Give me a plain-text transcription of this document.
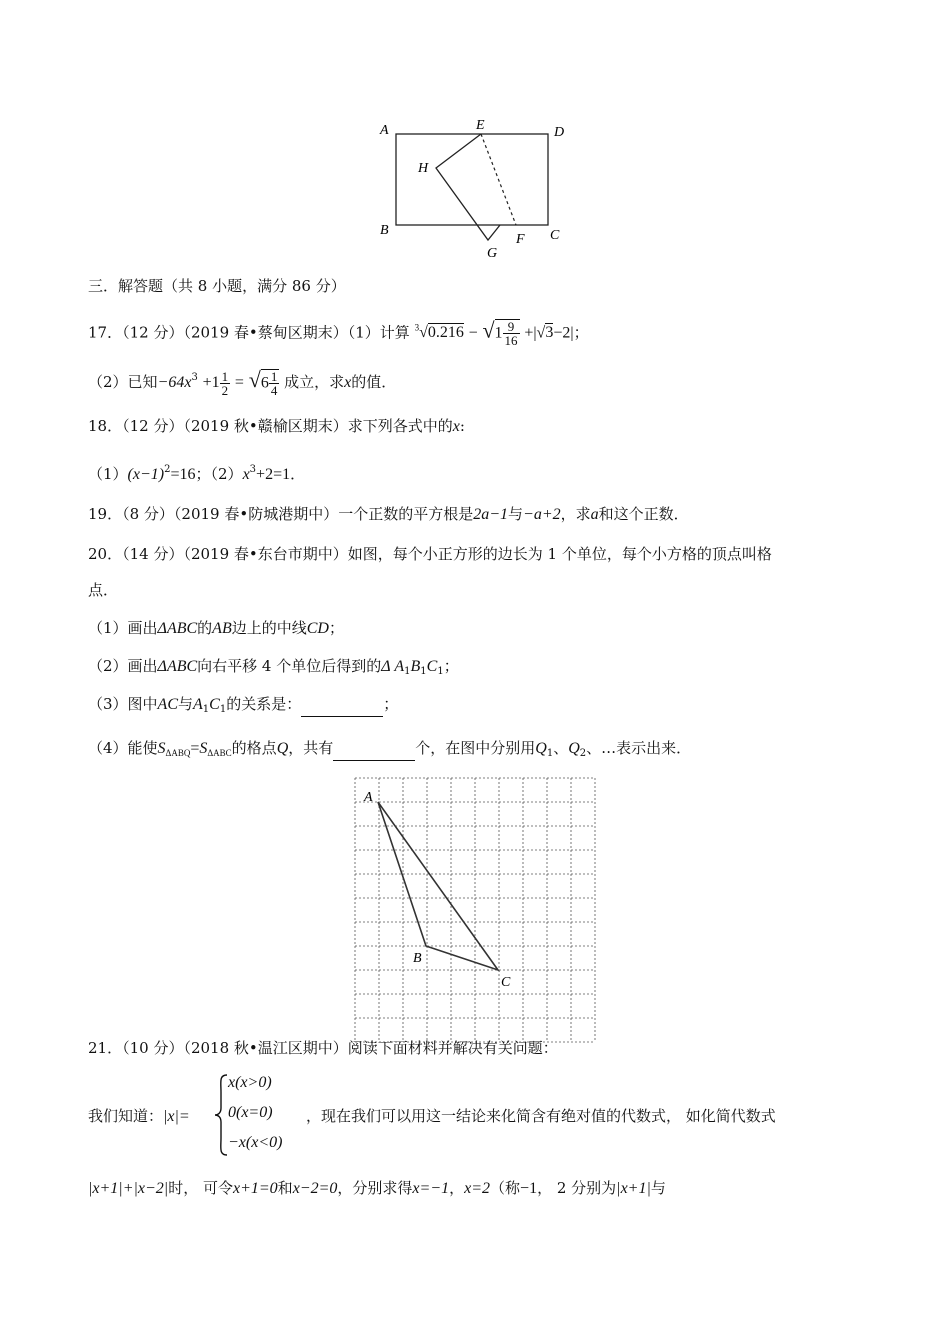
A	E	D
H
B
G
F C
三．解答题（共 8 小题，满分 86 分）
17．（12 分）（2019 春•蔡甸区期末）（1）计算 $^3√0.216 - √1 \frac{9}{16} +|√3-2|$；
（2）已知$-64x^3 +1 \frac{1}{2} = √6 \frac{1}{4}$ 成立，求x的值．
18．（12 分）（2019 秋•赣榆区期末）求下列各式中的x:
$(1)(x-1)^2=16$；$(2)x^3+2=1$．
19．（8 分）（2019 春•防城港期中）一个正数的平方根是2a−1与−a+2，求a和这个正数．
20．（14 分）（2019 春•东台市期中）如图，每个小正方形的边长为 1 个单位，每个小方格的顶点叫格
点．
（1）画出ΔABC的AB边上的中线CD；
（2）画出ΔABC向右平移 4 个单位后得到的Δ $A_1B_1C_1$；
（3）图中AC与$A_1C_1$的关系是：	；
（4）能使$S_{\Delta ABQ}=S_{\Delta ABC}$的格点Q，共有	个，在图中分别用$Q_1$、$Q_2$、…表示出来．
A
B
C
21．（10 分）（2018 秋•温江区期中）阅读下面材料并解决有关问题：
我们知道：|x|=
x(x>0)
0(x=0)
−x(x<0)
，现在我们可以用这一结论来化简含有绝对值的代数式， 如化简代数式
|x+1|+|x−2|时， 可令x+1=0和x−2=0，分别求得x=−1，x=2（称−1， 2 分别为|x+1|与
